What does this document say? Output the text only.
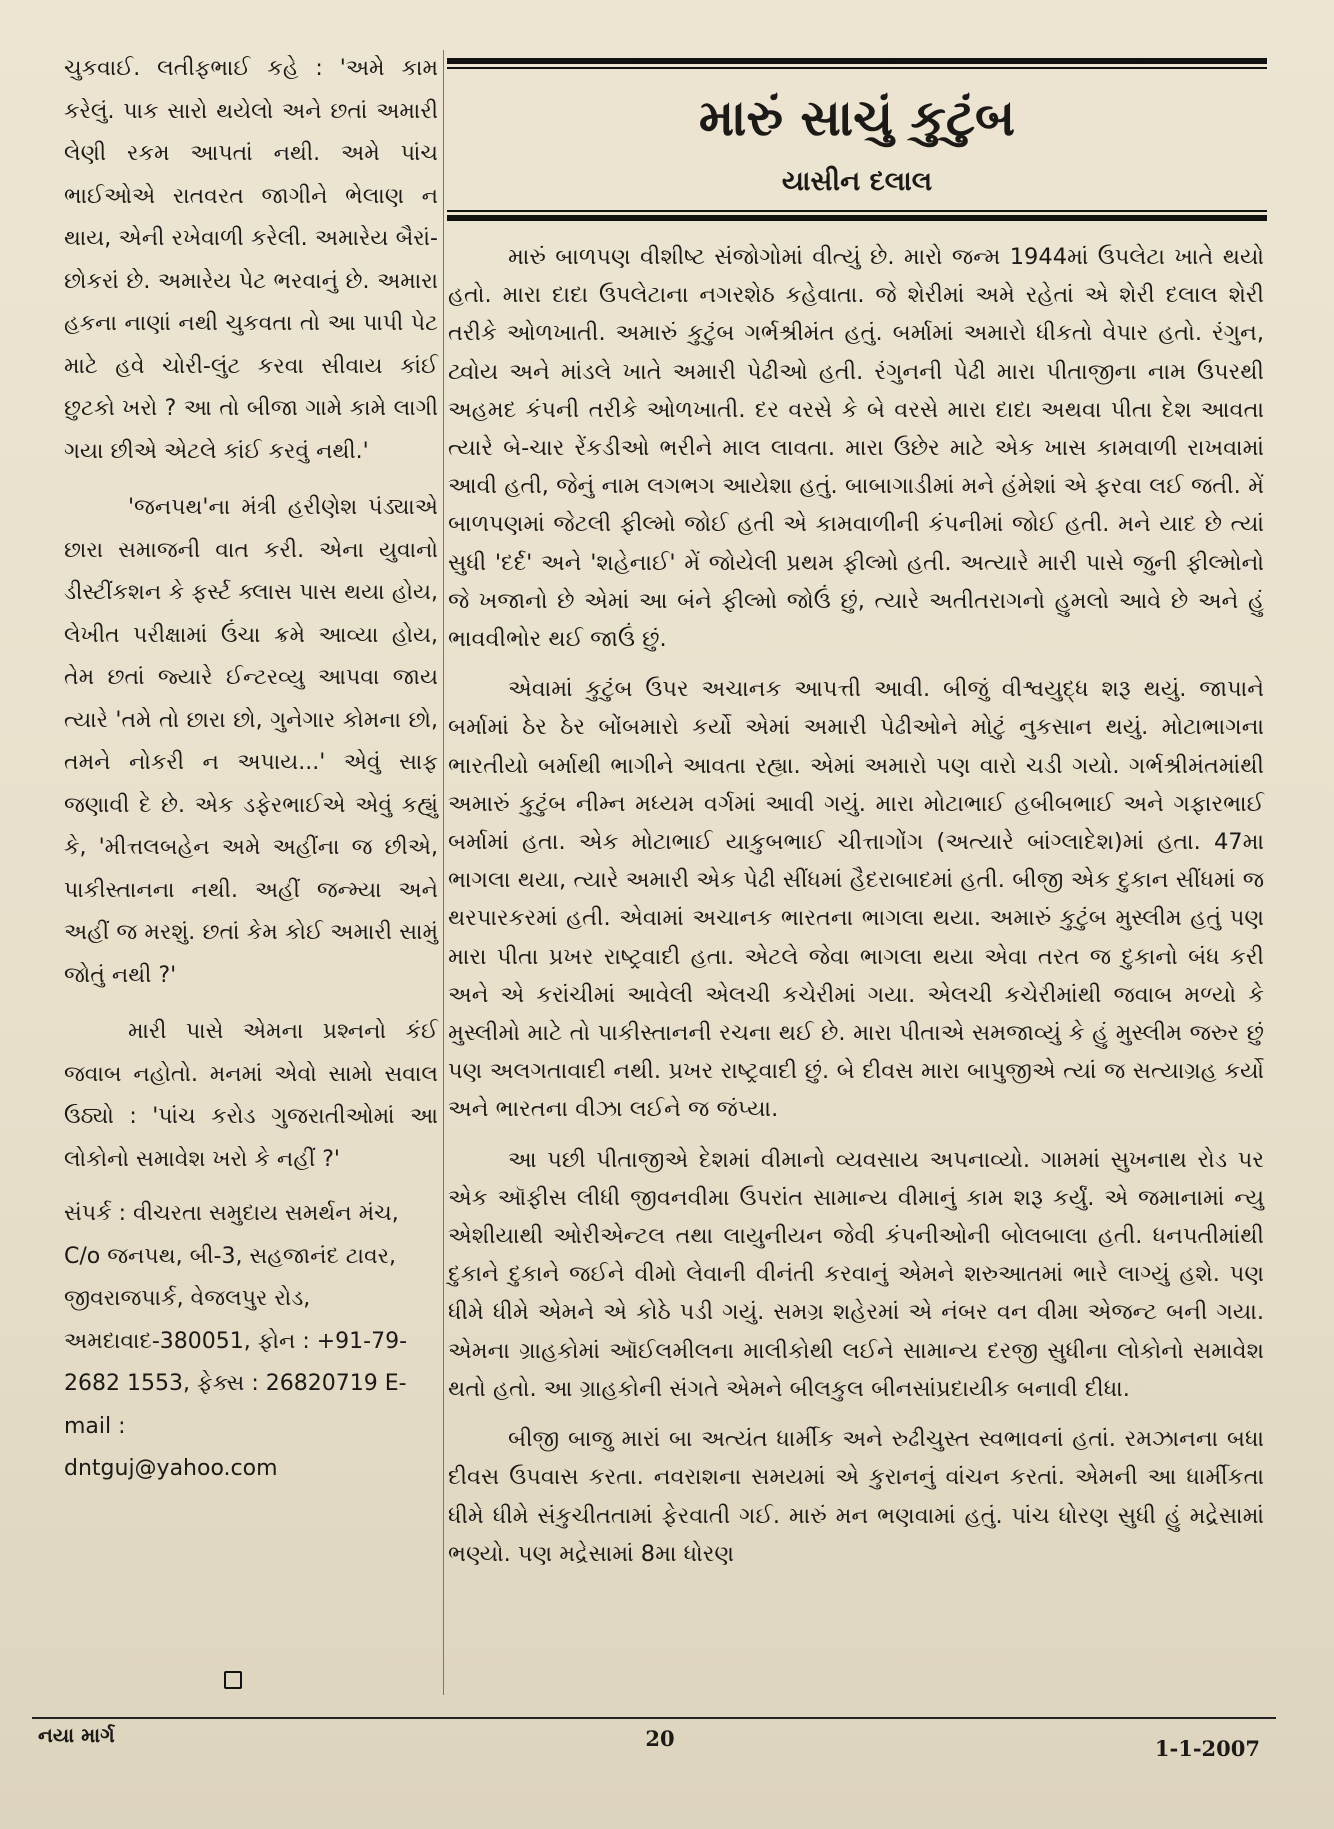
ચુકવાઈ. લતીફભાઈ કહે : 'અમે કામ કરેલું. પાક સારો થયેલો અને છતાં અમારી લેણી રકમ આપતાં નથી. અમે પાંચ ભાઈઓએ રાતવરત જાગીને ભેલાણ ન થાય, એની રખેવાળી કરેલી. અમારેય બૈરાં-છોકરાં છે. અમારેય પેટ ભરવાનું છે. અમારા હકના નાણાં નથી ચુકવતા તો આ પાપી પેટ માટે હવે ચોરી-લુંટ કરવા સીવાય કાંઈ છુટકો ખરો ? આ તો બીજા ગામે કામે લાગી ગયા છીએ એટલે કાંઈ કરવું નથી.'

'જનપથ'ના મંત્રી હરીણેશ પંડ્યાએ છારા સમાજની વાત કરી. એના યુવાનો ડીસ્ટીંકશન કે ફર્સ્ટ ક્લાસ પાસ થયા હોય, લેખીત પરીક્ષામાં ઉંચા ક્રમે આવ્યા હોય, તેમ છતાં જ્યારે ઈન્ટરવ્યુ આપવા જાય ત્યારે 'તમે તો છારા છો, ગુનેગાર કોમના છો, તમને નોકરી ન અપાય...' એવું સાફ જણાવી દે છે. એક ડફેરભાઈએ એવું કહ્યું કે, 'મીત્તલબહેન અમે અહીંના જ છીએ, પાકીસ્તાનના નથી. અહીં જન્મ્યા અને અહીં જ મરશું. છતાં કેમ કોઈ અમારી સામું જોતું નથી ?'

મારી પાસે એમના પ્રશ્નનો કંઈ જવાબ નહોતો. મનમાં એવો સામો સવાલ ઉઠ્યો : 'પાંચ કરોડ ગુજરાતીઓમાં આ લોકોનો સમાવેશ ખરો કે નહીં ?'

સંપર્ક : વીચરતા સમુદાય સમર્થન મંચ, C/o જનપથ, બી-3, સહજાનંદ ટાવર, જીવરાજપાર્ક, વેજલપુર રોડ, અમદાવાદ-380051, ફોન : +91-79-2682 1553, ફેક્સ : 26820719 E-mail :
dntguj@yahoo.com

મારું સાચું કુટુંબ
યાસીન દલાલ

મારું બાળપણ વીશીષ્ટ સંજોગોમાં વીત્યું છે. મારો જન્મ 1944માં ઉપલેટા ખાતે થયો હતો. મારા દાદા ઉપલેટાના નગરશેઠ કહેવાતા. જે શેરીમાં અમે રહેતાં એ શેરી દલાલ શેરી તરીકે ઓળખાતી. અમારું કુટુંબ ગર્ભશ્રીમંત હતું. બર્મામાં અમારો ધીકતો વેપાર હતો. રંગુન, ટ્વોય અને માંડલે ખાતે અમારી પેઢીઓ હતી. રંગુનની પેઢી મારા પીતાજીના નામ ઉપરથી અહમદ કંપની તરીકે ઓળખાતી. દર વરસે કે બે વરસે મારા દાદા અથવા પીતા દેશ આવતા ત્યારે બે-ચાર રેંકડીઓ ભરીને માલ લાવતા. મારા ઉછેર માટે એક ખાસ કામવાળી રાખવામાં આવી હતી, જેનું નામ લગભગ આયેશા હતું. બાબાગાડીમાં મને હંમેશાં એ ફરવા લઈ જતી. મેં બાળપણમાં જેટલી ફીલ્મો જોઈ હતી એ કામવાળીની કંપનીમાં જોઈ હતી. મને યાદ છે ત્યાં સુધી 'દર્દ' અને 'શહેનાઈ' મેં જોયેલી પ્રથમ ફીલ્મો હતી. અત્યારે મારી પાસે જુની ફીલ્મોનો જે ખજાનો છે એમાં આ બંને ફીલ્મો જોઉં છું, ત્યારે અતીતરાગનો હુમલો આવે છે અને હું ભાવવીભોર થઈ જાઉં છું.

એવામાં કુટુંબ ઉપર અચાનક આપત્તી આવી. બીજું વીશ્વયુદ્ધ શરૂ થયું. જાપાને બર્મામાં ઠેર ઠેર બોંબમારો કર્યો એમાં અમારી પેઢીઓને મોટું નુકસાન થયું. મોટાભાગના ભારતીયો બર્માથી ભાગીને આવતા રહ્યા. એમાં અમારો પણ વારો ચડી ગયો. ગર્ભશ્રીમંતમાંથી અમારું કુટુંબ નીમ્ન મધ્યમ વર્ગમાં આવી ગયું. મારા મોટાભાઈ હબીબભાઈ અને ગફારભાઈ બર્મામાં હતા. એક મોટાભાઈ યાકુબભાઈ ચીત્તાગોંગ (અત્યારે બાંગ્લાદેશ)માં હતા. 47મા ભાગલા થયા, ત્યારે અમારી એક પેઢી સીંધમાં હૈદરાબાદમાં હતી. બીજી એક દુકાન સીંધમાં જ થરપારકરમાં હતી. એવામાં અચાનક ભારતના ભાગલા થયા. અમારું કુટુંબ મુસ્લીમ હતું પણ મારા પીતા પ્રખર રાષ્ટ્રવાદી હતા. એટલે જેવા ભાગલા થયા એવા તરત જ દુકાનો બંધ કરી અને એ કરાંચીમાં આવેલી એલચી કચેરીમાં ગયા. એલચી કચેરીમાંથી જવાબ મળ્યો કે મુસ્લીમો માટે તો પાકીસ્તાનની રચના થઈ છે. મારા પીતાએ સમજાવ્યું કે હું મુસ્લીમ જરુર છું પણ અલગતાવાદી નથી. પ્રખર રાષ્ટ્રવાદી છું. બે દીવસ મારા બાપુજીએ ત્યાં જ સત્યાગ્રહ કર્યો અને ભારતના વીઝા લઈને જ જંપ્યા.

આ પછી પીતાજીએ દેશમાં વીમાનો વ્યવસાય અપનાવ્યો. ગામમાં સુખનાથ રોડ પર એક ઑફીસ લીધી જીવનવીમા ઉપરાંત સામાન્ય વીમાનું કામ શરૂ કર્યું. એ જમાનામાં ન્યુ એશીયાથી ઓરીએન્ટલ તથા લાયુનીયન જેવી કંપનીઓની બોલબાલા હતી. ધનપતીમાંથી દુકાને દુકાને જઈને વીમો લેવાની વીનંતી કરવાનું એમને શરુઆતમાં ભારે લાગ્યું હશે. પણ ધીમે ધીમે એમને એ કોઠે પડી ગયું. સમગ્ર શહેરમાં એ નંબર વન વીમા એજન્ટ બની ગયા. એમના ગ્રાહકોમાં ઑઈલમીલના માલીકોથી લઈને સામાન્ય દરજી સુધીના લોકોનો સમાવેશ થતો હતો. આ ગ્રાહકોની સંગતે એમને બીલકુલ બીનસાંપ્રદાયીક બનાવી દીધા.

બીજી બાજુ મારાં બા અત્યંત ધાર્મીક અને રુઢીચુસ્ત સ્વભાવનાં હતાં. રમઝાનના બધા દીવસ ઉપવાસ કરતા. નવરાશના સમયમાં એ કુરાનનું વાંચન કરતાં. એમની આ ધાર્મીકતા ધીમે ધીમે સંકુચીતતામાં ફેરવાતી ગઈ. મારું મન ભણવામાં હતું. પાંચ ધોરણ સુધી હું મદ્રેસામાં ભણ્યો. પણ મદ્રેસામાં 8મા ધોરણ

નયા માર્ગ	20	1-1-2007
